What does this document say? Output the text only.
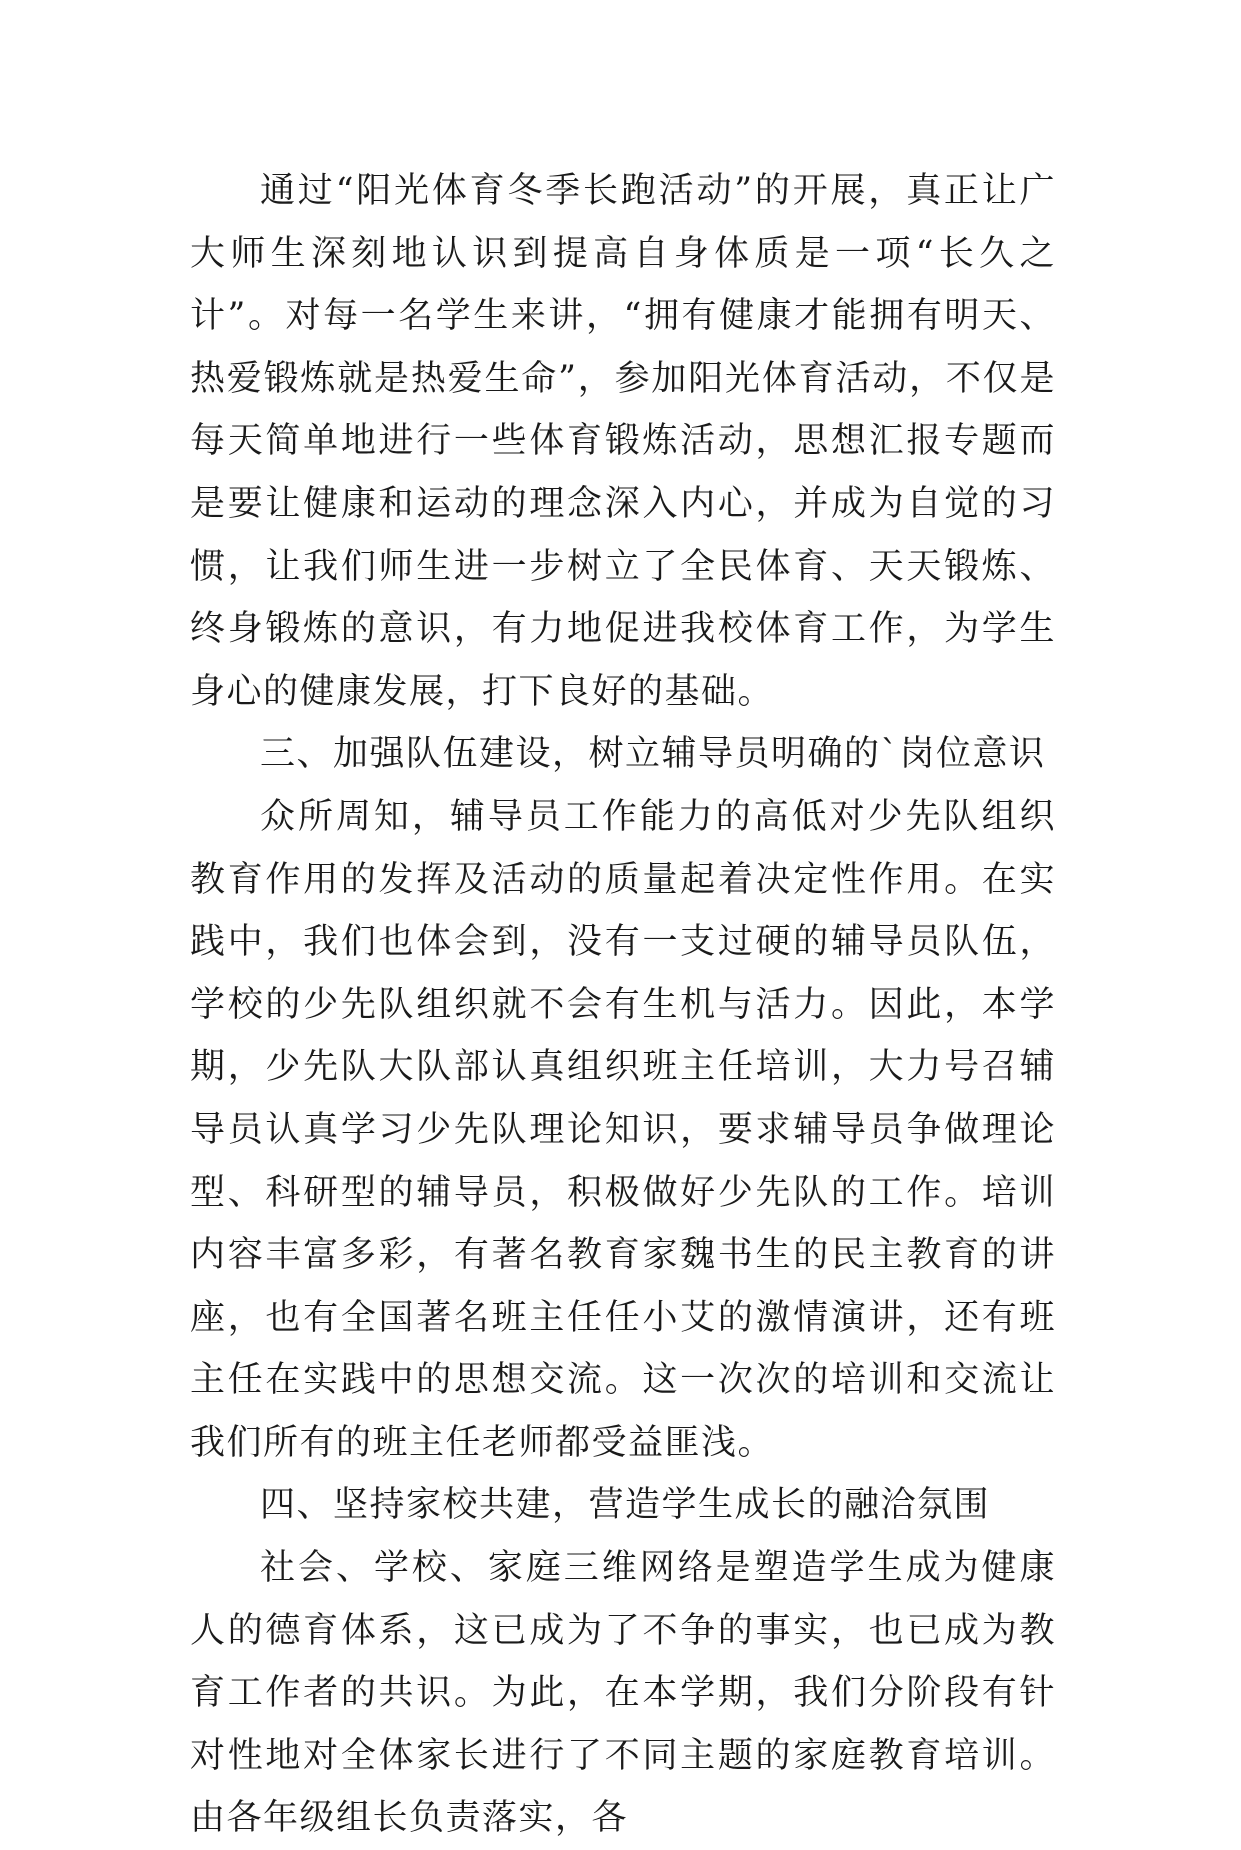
通过“阳光体育冬季长跑活动”的开展，真正让广大师生深刻地认识到提高自身体质是一项“长久之计”。对每一名学生来讲，“拥有健康才能拥有明天、热爱锻炼就是热爱生命”，参加阳光体育活动，不仅是每天简单地进行一些体育锻炼活动，思想汇报专题而是要让健康和运动的理念深入内心，并成为自觉的习惯，让我们师生进一步树立了全民体育、天天锻炼、终身锻炼的意识，有力地促进我校体育工作，为学生身心的健康发展，打下良好的基础。

三、加强队伍建设，树立辅导员明确的`岗位意识

众所周知，辅导员工作能力的高低对少先队组织教育作用的发挥及活动的质量起着决定性作用。在实践中，我们也体会到，没有一支过硬的辅导员队伍，学校的少先队组织就不会有生机与活力。因此，本学期，少先队大队部认真组织班主任培训，大力号召辅导员认真学习少先队理论知识，要求辅导员争做理论型、科研型的辅导员，积极做好少先队的工作。培训内容丰富多彩，有著名教育家魏书生的民主教育的讲座，也有全国著名班主任任小艾的激情演讲，还有班主任在实践中的思想交流。这一次次的培训和交流让我们所有的班主任老师都受益匪浅。

四、坚持家校共建，营造学生成长的融洽氛围

社会、学校、家庭三维网络是塑造学生成为健康人的德育体系，这已成为了不争的事实，也已成为教育工作者的共识。为此，在本学期，我们分阶段有针对性地对全体家长进行了不同主题的家庭教育培训。由各年级组长负责落实，各
